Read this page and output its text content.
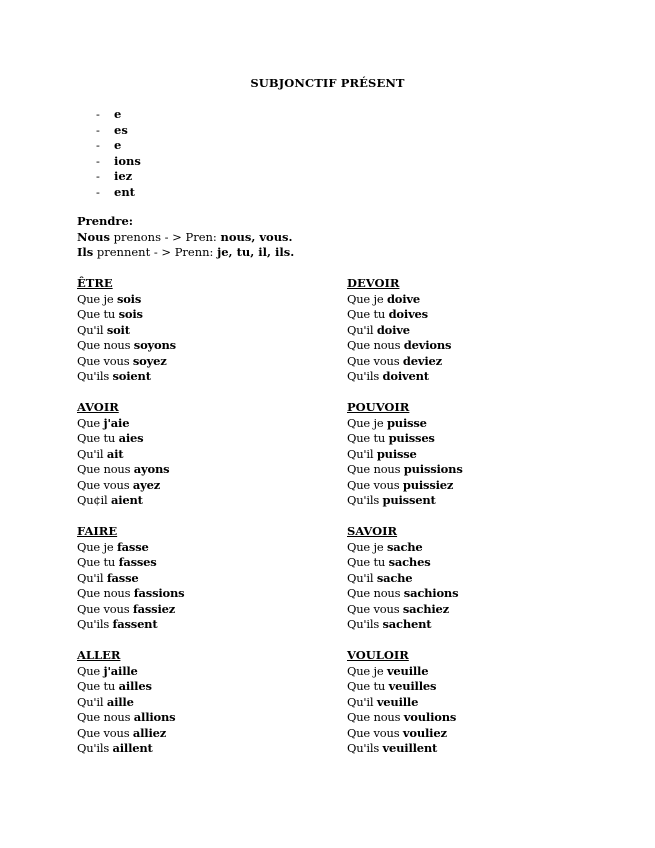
SUBJONCTIF PRÉSENT
- e
- es
- e
- ions
- iez
- ent
Prendre:
Nous prenons - > Pren: nous, vous.
Ils prennent - > Prenn: je, tu, il, ils.
ÊTRE
Que je sois
Que tu sois
Qu'il soit
Que nous soyons
Que vous soyez
Qu'ils soient
AVOIR
Que j'aie
Que tu aies
Qu'il ait
Que nous ayons
Que vous ayez
Qu¢il aient
FAIRE
Que je fasse
Que tu fasses
Qu'il fasse
Que nous fassions
Que vous fassiez
Qu'ils fassent
ALLER
Que j'aille
Que tu ailles
Qu'il aille
Que nous allions
Que vous alliez
Qu'ils aillent
DEVOIR
Que je doive
Que tu doives
Qu'il doive
Que nous devions
Que vous deviez
Qu'ils doivent
POUVOIR
Que je puisse
Que tu puisses
Qu'il puisse
Que nous puissions
Que vous puissiez
Qu'ils puissent
SAVOIR
Que je sache
Que tu saches
Qu'il sache
Que nous sachions
Que vous sachiez
Qu'ils sachent
VOULOIR
Que je veuille
Que tu veuilles
Qu'il veuille
Que nous voulions
Que vous vouliez
Qu'ils veuillent
